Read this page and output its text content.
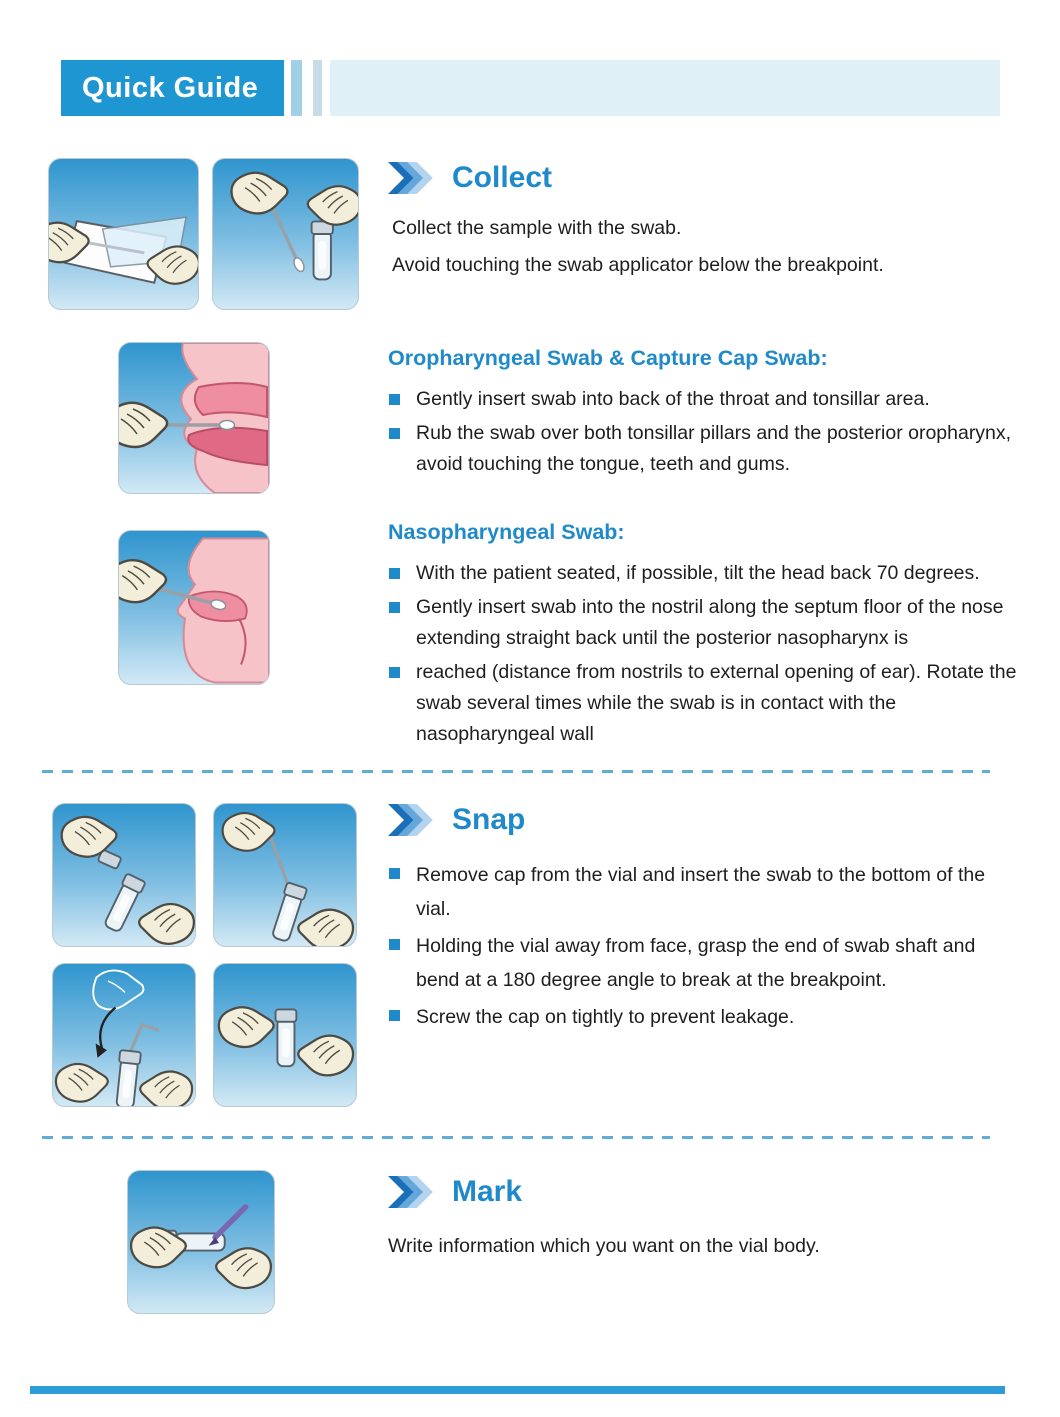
Quick Guide
Collect

Collect the sample with the swab.

Avoid touching the swab applicator below the breakpoint.

Oropharyngeal Swab & Capture Cap Swab:
Gently insert swab into back of the throat and tonsillar area.
Rub the swab over both tonsillar pillars and the posterior oropharynx, avoid touching the tongue, teeth and gums.
Nasopharyngeal Swab:
With the patient seated, if possible, tilt the head back 70 degrees.
Gently insert swab into the nostril along the septum floor of the nose extending straight back until the posterior nasopharynx is
reached (distance from nostrils to external opening of ear). Rotate the swab several times while the swab is in contact with the nasopharyngeal wall
Snap
Remove cap from the vial and insert the swab to the bottom of the vial.
Holding the vial away from face, grasp the end of swab shaft and bend at a 180 degree angle to break at the breakpoint.
Screw the cap on tightly to prevent leakage.
Mark

Write information which you want on the vial body.
